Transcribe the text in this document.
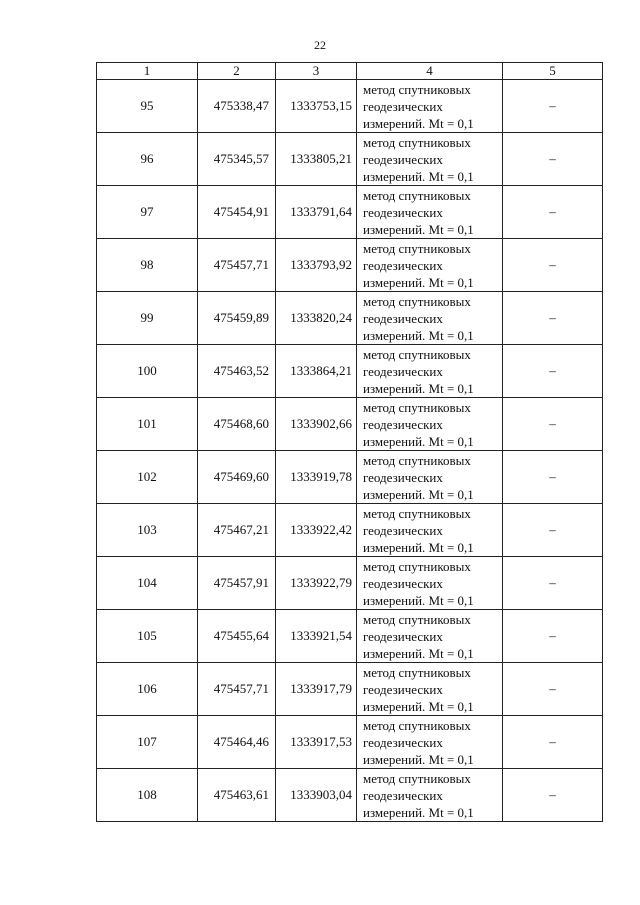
22
1	2	3	4	5
95	475338,47	1333753,15	метод спутниковых
геодезических
измерений. Mt = 0,1	–
96	475345,57	1333805,21	метод спутниковых
геодезических
измерений. Mt = 0,1	–
97	475454,91	1333791,64	метод спутниковых
геодезических
измерений. Mt = 0,1	–
98	475457,71	1333793,92	метод спутниковых
геодезических
измерений. Mt = 0,1	–
99	475459,89	1333820,24	метод спутниковых
геодезических
измерений. Mt = 0,1	–
100	475463,52	1333864,21	метод спутниковых
геодезических
измерений. Mt = 0,1	–
101	475468,60	1333902,66	метод спутниковых
геодезических
измерений. Mt = 0,1	–
102	475469,60	1333919,78	метод спутниковых
геодезических
измерений. Mt = 0,1	–
103	475467,21	1333922,42	метод спутниковых
геодезических
измерений. Mt = 0,1	–
104	475457,91	1333922,79	метод спутниковых
геодезических
измерений. Mt = 0,1	–
105	475455,64	1333921,54	метод спутниковых
геодезических
измерений. Mt = 0,1	–
106	475457,71	1333917,79	метод спутниковых
геодезических
измерений. Mt = 0,1	–
107	475464,46	1333917,53	метод спутниковых
геодезических
измерений. Mt = 0,1	–
108	475463,61	1333903,04	метод спутниковых
геодезических
измерений. Mt = 0,1	–
